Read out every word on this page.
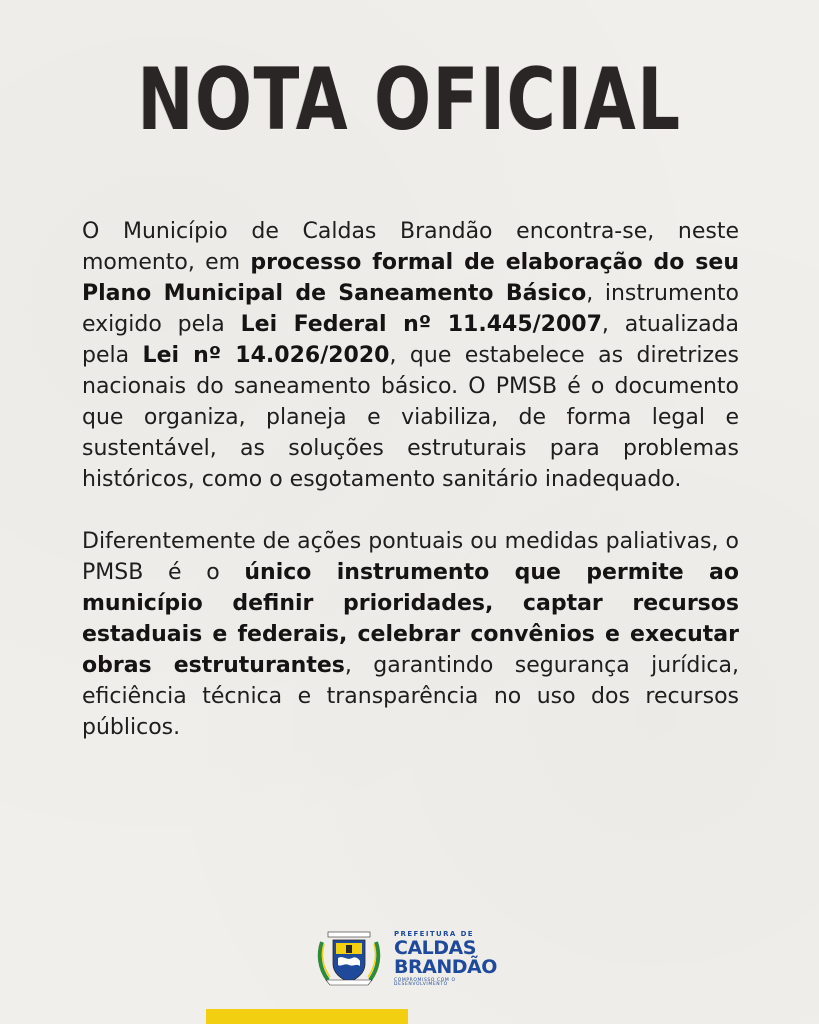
NOTA OFICIAL

O Município de Caldas Brandão encontra-se, neste momento, em processo formal de elaboração do seu Plano Municipal de Saneamento Básico, instrumento exigido pela Lei Federal nº 11.445/2007, atualizada pela Lei nº 14.026/2020, que estabelece as diretrizes nacionais do saneamento básico. O PMSB é o documento que organiza, planeja e viabiliza, de forma legal e sustentável, as soluções estruturais para problemas históricos, como o esgotamento sanitário inadequado.

Diferentemente de ações pontuais ou medidas paliativas, o PMSB é o único instrumento que permite ao município definir prioridades, captar recursos estaduais e federais, celebrar convênios e executar obras estruturantes, garantindo segurança jurídica, eficiência técnica e transparência no uso dos recursos públicos.

PREFEITURA DE
CALDAS
BRANDÃO
COMPROMISSO COM O DESENVOLVIMENTO
